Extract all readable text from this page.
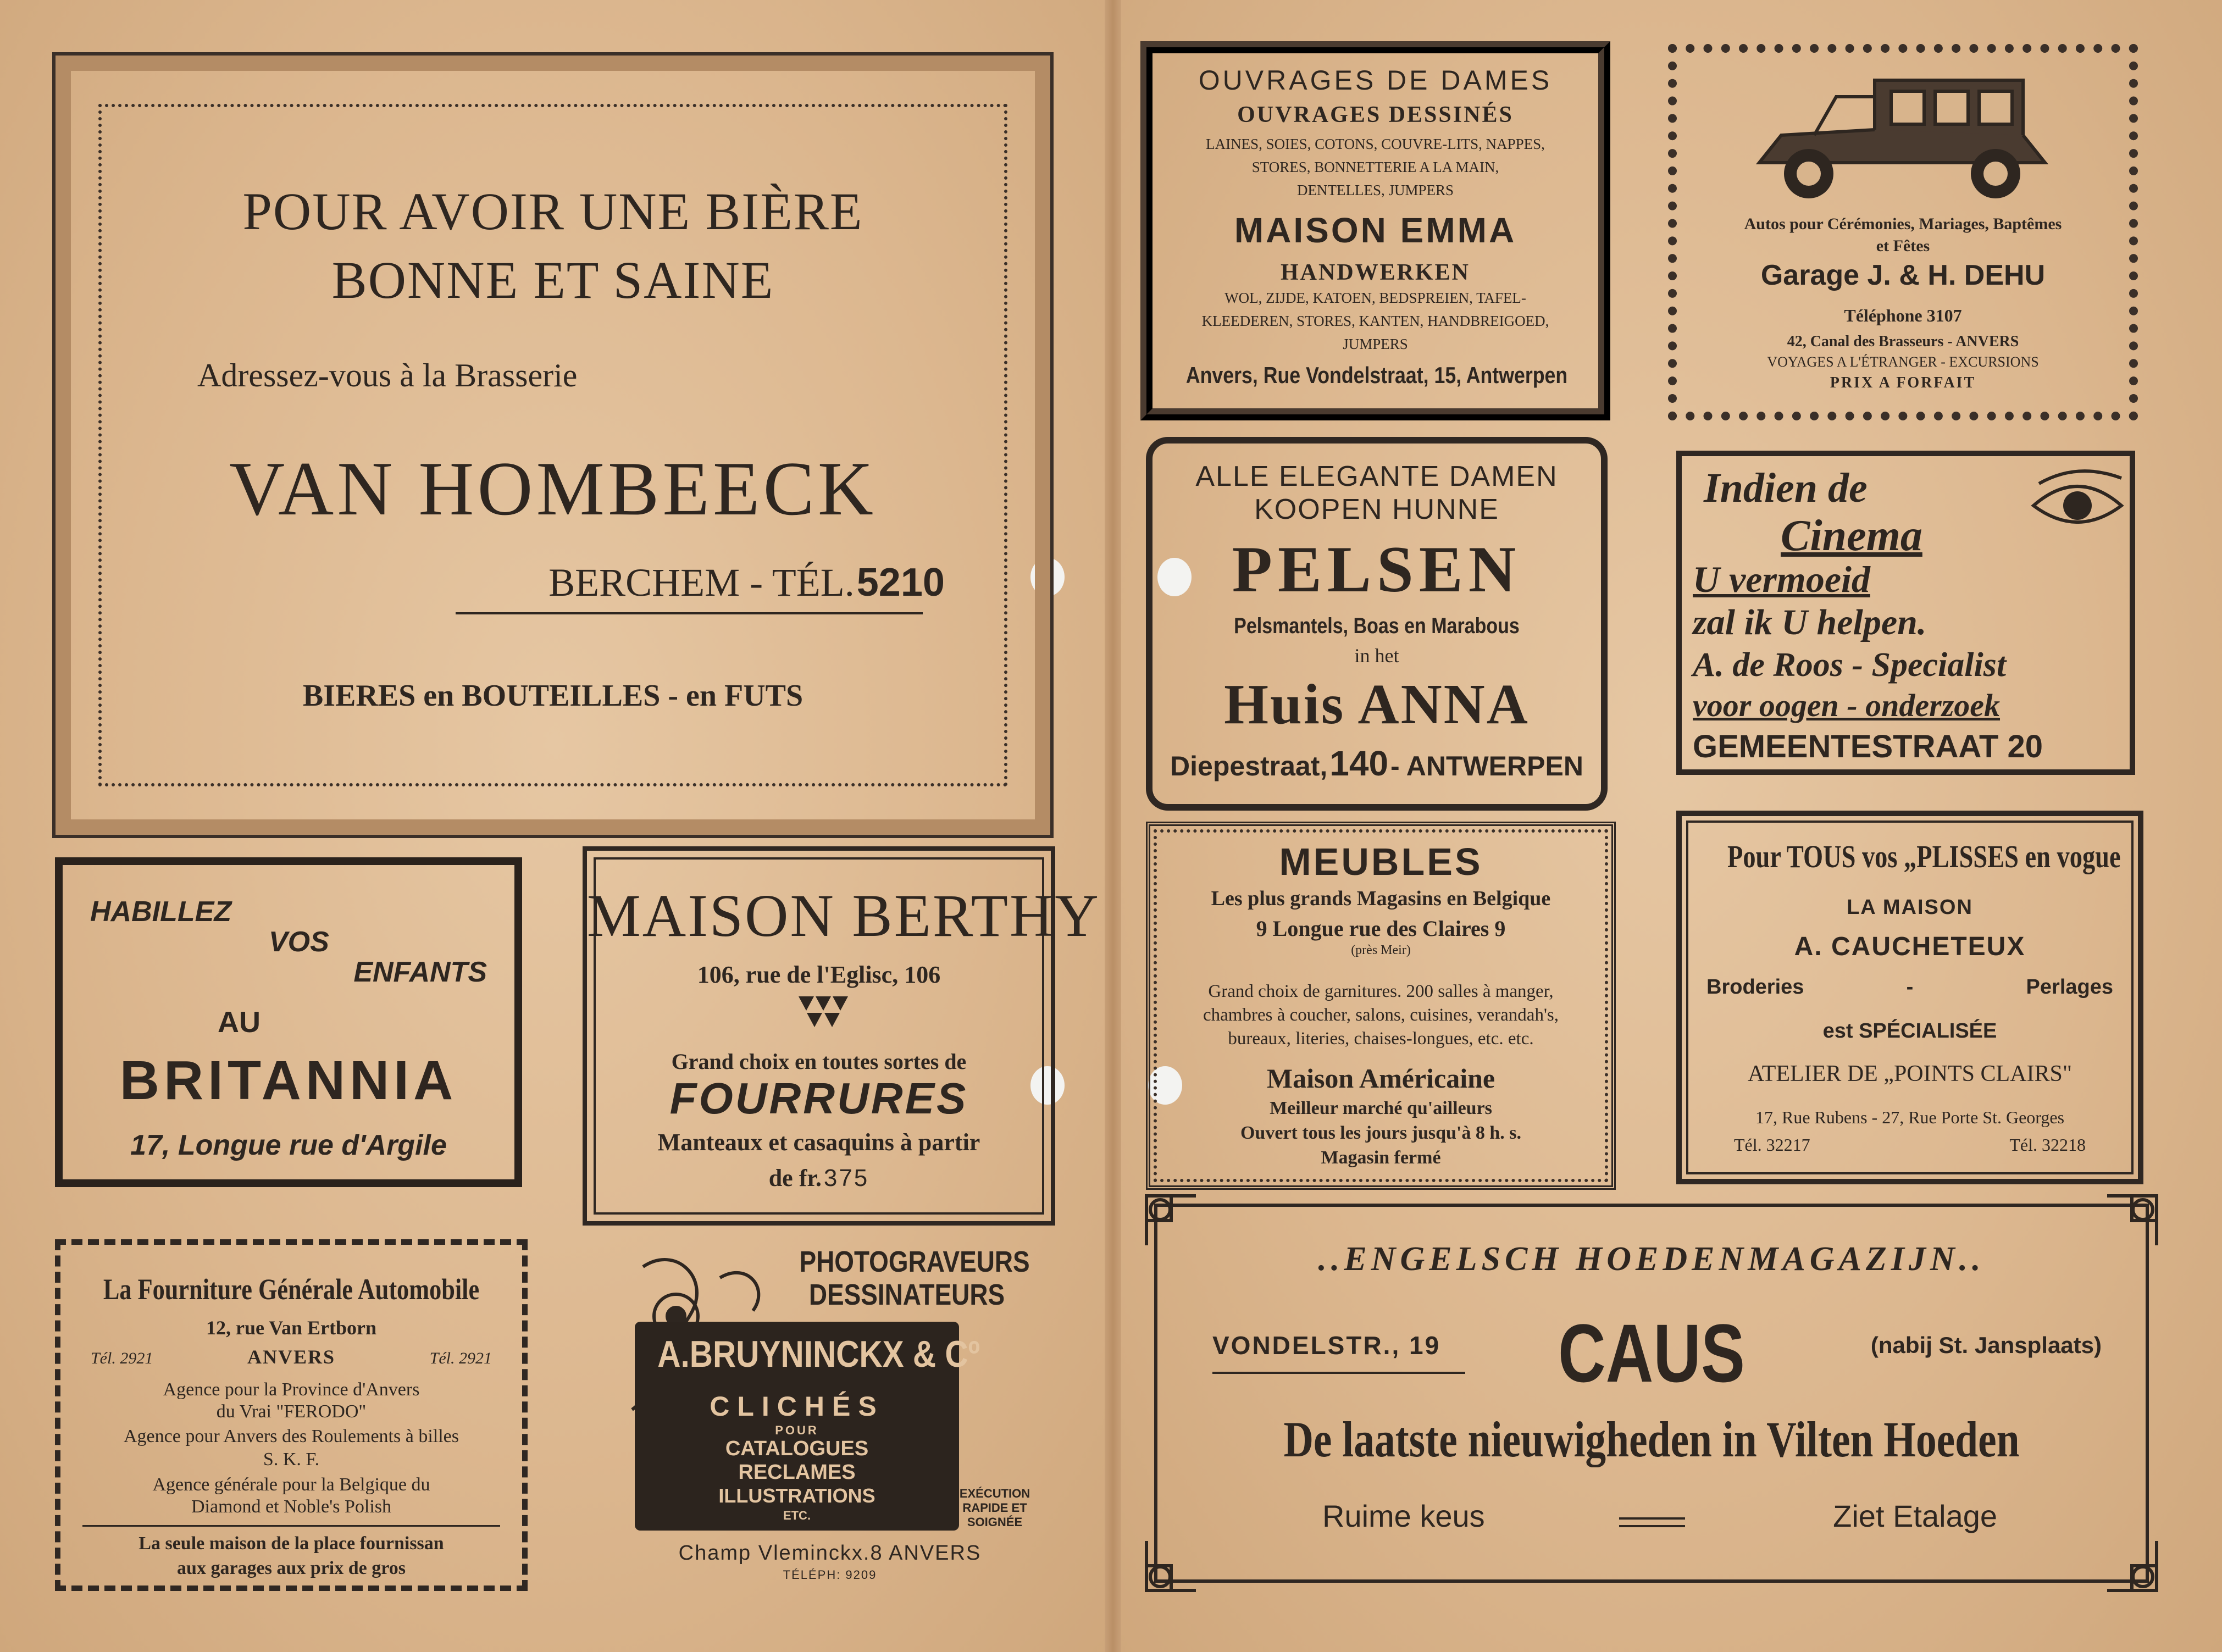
POUR AVOIR UNE BIÈRE

BONNE ET SAINE

Adressez-vous à la Brasserie

VAN HOMBEECK

BERCHEM - TÉL. 5210

BIERES en BOUTEILLES - en FUTS

HABILLEZ

VOS

ENFANTS

AU

BRITANNIA

17, Longue rue d'Argile

MAISON BERTHY

106, rue de l'Eglisc, 106

Grand choix en toutes sortes de

FOURRURES

Manteaux et casaquins à partir

de fr. 375

La Fourniture Générale Automobile

12, rue Van Ertborn

Tél. 2921	ANVERS	Tél. 2921

Agence pour la Province d'Anvers

du Vrai "FERODO"

Agence pour Anvers des Roulements à billes

S. K. F.

Agence générale pour la Belgique du

Diamond et Noble's Polish

La seule maison de la place fournissan

aux garages aux prix de gros

PHOTOGRAVEURS

DESSINATEURS

A.BRUYNINCKX & Cº

CLICHÉS

POUR

CATALOGUES

RECLAMES

ILLUSTRATIONS

ETC.

EXÉCUTION

RAPIDE ET

SOIGNÉE

Champ Vleminckx.8 ANVERS

TÉLÉPH: 9209

OUVRAGES DE DAMES

OUVRAGES DESSINÉS

LAINES, SOIES, COTONS, COUVRE-LITS, NAPPES,

STORES, BONNETTERIE A LA MAIN,

DENTELLES, JUMPERS

MAISON EMMA

HANDWERKEN

WOL, ZIJDE, KATOEN, BEDSPREIEN, TAFEL-

KLEEDEREN, STORES, KANTEN, HANDBREIGOED,

JUMPERS

Anvers, Rue Vondelstraat, 15, Antwerpen

Autos pour Cérémonies, Mariages, Baptêmes

et Fêtes

Garage J. & H. DEHU

Téléphone 3107

42, Canal des Brasseurs - ANVERS

VOYAGES A L'ÉTRANGER - EXCURSIONS

PRIX A FORFAIT

ALLE ELEGANTE DAMEN

KOOPEN HUNNE

PELSEN

Pelsmantels, Boas en Marabous

in het

Huis ANNA

Diepestraat, 140 - ANTWERPEN

Indien de

Cinema

U vermoeid

zal ik U helpen.

A. de Roos - Specialist

voor oogen - onderzoek

GEMEENTESTRAAT 20

MEUBLES

Les plus grands Magasins en Belgique

9 Longue rue des Claires 9

(près Meir)

Grand choix de garnitures. 200 salles à manger,

chambres à coucher, salons, cuisines, verandah's,

bureaux, literies, chaises-longues, etc. etc.

Maison Américaine

Meilleur marché qu'ailleurs

Ouvert tous les jours jusqu'à 8 h. s.

Magasin fermé

Pour TOUS vos „PLISSES en vogue

LA MAISON

A. CAUCHETEUX

Broderies	-	Perlages

est SPÉCIALISÉE

ATELIER DE „POINTS CLAIRS"

17, Rue Rubens - 27, Rue Porte St. Georges

Tél. 32217	Tél. 32218

..ENGELSCH HOEDENMAGAZIJN..

VONDELSTR., 19	CAUS	(nabij St. Jansplaats)

De laatste nieuwigheden in Vilten Hoeden

Ruime keus	Ziet Etalage
